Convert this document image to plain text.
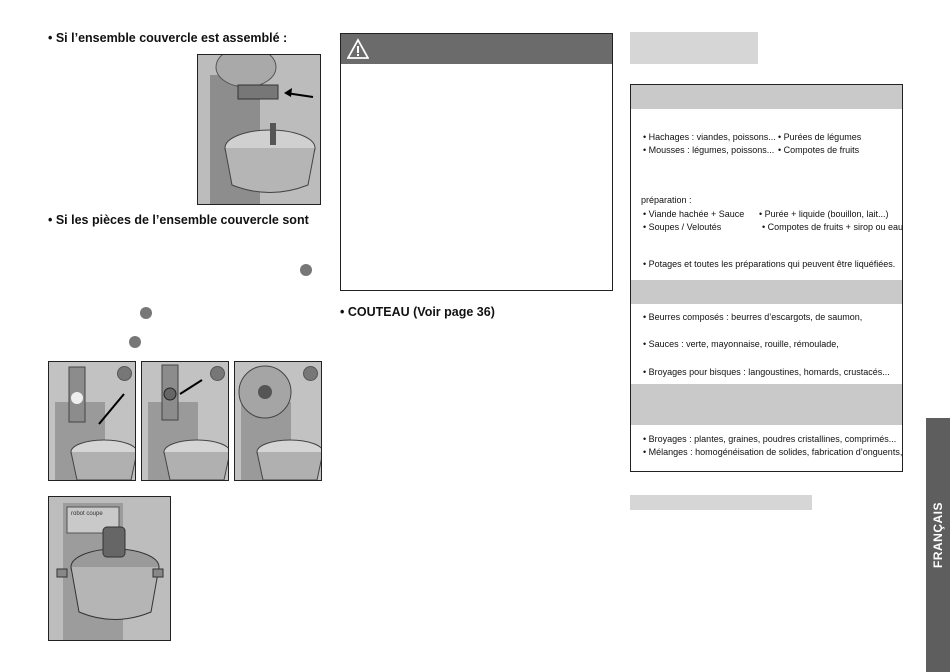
• Si l’ensemble couvercle est assemblé :
• Si les pièces de l’ensemble couvercle sont
robot coupe
• COUTEAU (Voir page 36)
• Hachages : viandes, poissons...
• Mousses : légumes, poissons...
• Purées de légumes
• Compotes de fruits
préparation :
• Viande hachée + Sauce
• Soupes / Veloutés
• Purée + liquide (bouillon, lait...)
• Compotes de fruits + sirop ou eau
• Potages et toutes les préparations qui peuvent être liquéfiées.
• Beurres composés : beurres d’escargots, de saumon,
• Sauces : verte, mayonnaise, rouille, rémoulade,
• Broyages pour bisques : langoustines, homards, crustacés...
• Broyages : plantes, graines, poudres cristallines, comprimés...
• Mélanges : homogénéisation de solides, fabrication d’onguents,
FRANÇAIS
